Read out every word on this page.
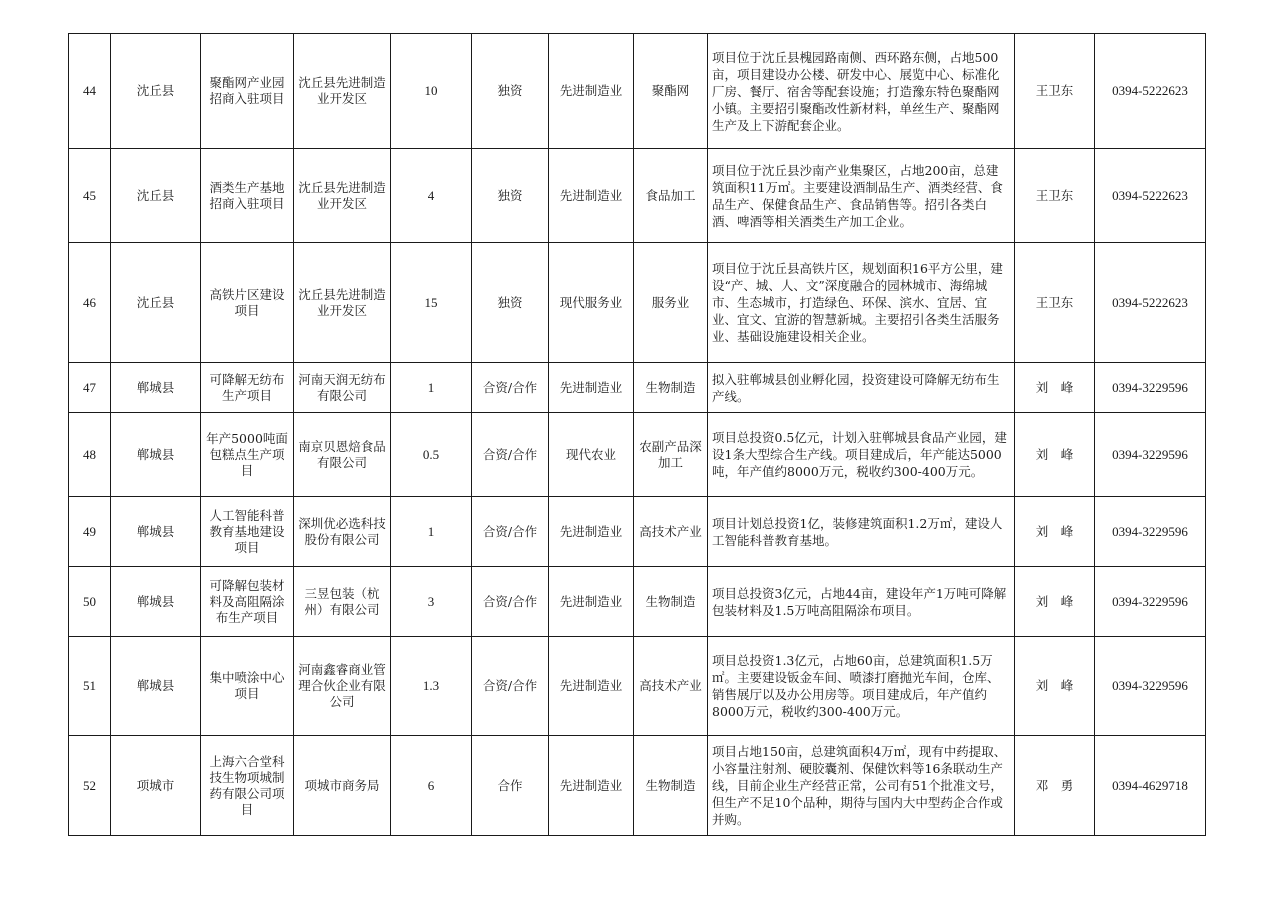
44	沈丘县	聚酯网产业园招商入驻项目	沈丘县先进制造业开发区	10	独资	先进制造业	聚酯网	项目位于沈丘县槐园路南侧、西环路东侧，占地500亩，项目建设办公楼、研发中心、展览中心、标准化厂房、餐厅、宿舍等配套设施；打造豫东特色聚酯网小镇。主要招引聚酯改性新材料，单丝生产、聚酯网生产及上下游配套企业。	王卫东	0394-5222623
45	沈丘县	酒类生产基地招商入驻项目	沈丘县先进制造业开发区	4	独资	先进制造业	食品加工	项目位于沈丘县沙南产业集聚区，占地200亩，总建筑面积11万㎡。主要建设酒制品生产、酒类经营、食品生产、保健食品生产、食品销售等。招引各类白酒、啤酒等相关酒类生产加工企业。	王卫东	0394-5222623
46	沈丘县	高铁片区建设项目	沈丘县先进制造业开发区	15	独资	现代服务业	服务业	项目位于沈丘县高铁片区，规划面积16平方公里，建设“产、城、人、文”深度融合的园林城市、海绵城市、生态城市，打造绿色、环保、滨水、宜居、宜业、宜文、宜游的智慧新城。主要招引各类生活服务业、基础设施建设相关企业。	王卫东	0394-5222623
47	郸城县	可降解无纺布生产项目	河南天润无纺布有限公司	1	合资/合作	先进制造业	生物制造	拟入驻郸城县创业孵化园，投资建设可降解无纺布生产线。	刘　峰	0394-3229596
48	郸城县	年产5000吨面包糕点生产项目	南京贝恩焙食品有限公司	0.5	合资/合作	现代农业	农副产品深加工	项目总投资0.5亿元，计划入驻郸城县食品产业园，建设1条大型综合生产线。项目建成后，年产能达5000吨，年产值约8000万元，税收约300-400万元。	刘　峰	0394-3229596
49	郸城县	人工智能科普教育基地建设项目	深圳优必选科技股份有限公司	1	合资/合作	先进制造业	高技术产业	项目计划总投资1亿，装修建筑面积1.2万㎡，建设人工智能科普教育基地。	刘　峰	0394-3229596
50	郸城县	可降解包装材料及高阻隔涂布生产项目	三昱包装（杭州）有限公司	3	合资/合作	先进制造业	生物制造	项目总投资3亿元，占地44亩，建设年产1万吨可降解包装材料及1.5万吨高阻隔涂布项目。	刘　峰	0394-3229596
51	郸城县	集中喷涂中心项目	河南鑫睿商业管理合伙企业有限公司	1.3	合资/合作	先进制造业	高技术产业	项目总投资1.3亿元，占地60亩，总建筑面积1.5万㎡。主要建设钣金车间、喷漆打磨抛光车间，仓库、销售展厅以及办公用房等。项目建成后，年产值约8000万元，税收约300-400万元。	刘　峰	0394-3229596
52	项城市	上海六合堂科技生物项城制药有限公司项目	项城市商务局	6	合作	先进制造业	生物制造	项目占地150亩，总建筑面积4万㎡，现有中药提取、小容量注射剂、硬胶囊剂、保健饮料等16条联动生产线，目前企业生产经营正常，公司有51个批准文号，但生产不足10个品种，期待与国内大中型药企合作或并购。	邓　勇	0394-4629718
